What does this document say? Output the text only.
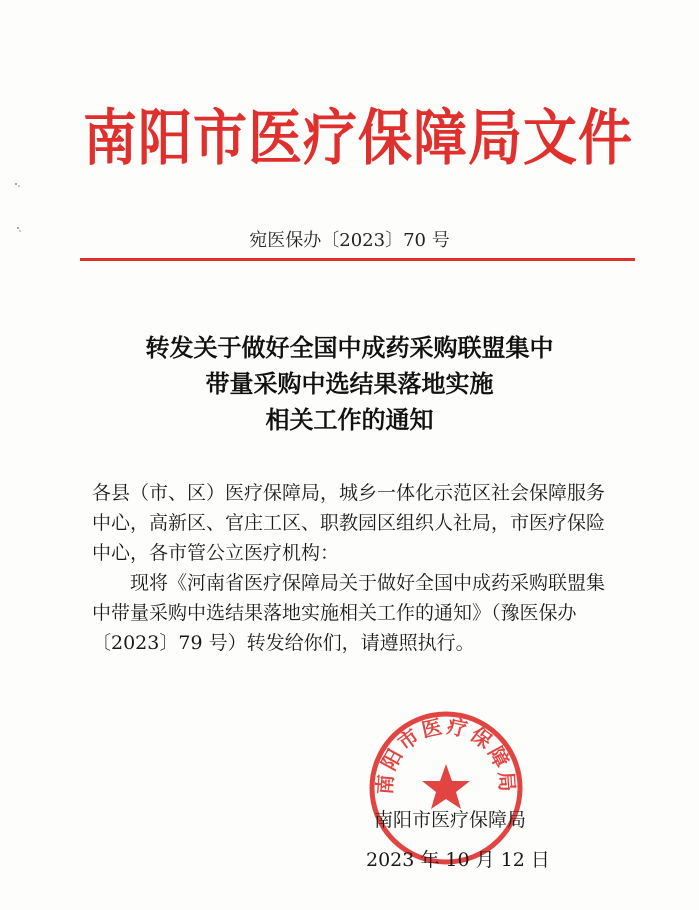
南阳市医疗保障局文件
宛医保办〔2023〕70 号
转发关于做好全国中成药采购联盟集中
带量采购中选结果落地实施
相关工作的通知

各县（市、区）医疗保障局，城乡一体化示范区社会保障服务中心，高新区、官庄工区、职教园区组织人社局，市医疗保险中心，各市管公立医疗机构：

现将《河南省医疗保障局关于做好全国中成药采购联盟集中带量采购中选结果落地实施相关工作的通知》（豫医保办〔2023〕79 号）转发给你们，请遵照执行。

南阳市医疗保障局
南阳市医疗保障局
2023 年 10 月 12 日
